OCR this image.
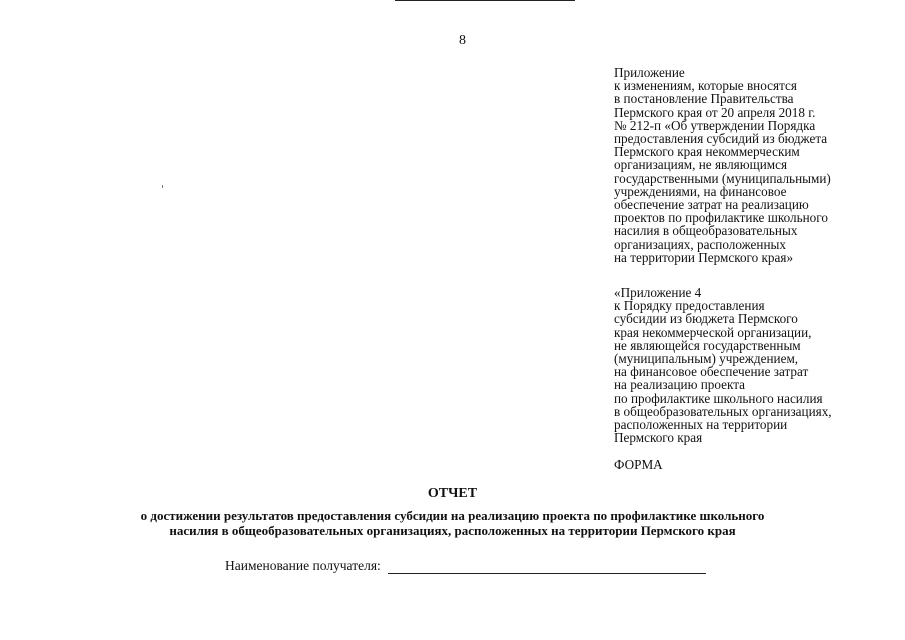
8
Приложение
к изменениям, которые вносятся
в постановление Правительства
Пермского края от 20 апреля 2018 г.
№ 212-п «Об утверждении Порядка
предоставления субсидий из бюджета
Пермского края некоммерческим
организациям, не являющимся
государственными (муниципальными)
учреждениями, на финансовое
обеспечение затрат на реализацию
проектов по профилактике школьного
насилия в общеобразовательных
организациях, расположенных
на территории Пермского края»
«Приложение 4
к Порядку предоставления
субсидии из бюджета Пермского
края некоммерческой организации,
не являющейся государственным
(муниципальным) учреждением,
на финансовое обеспечение затрат
на реализацию проекта
по профилактике школьного насилия
в общеобразовательных организациях,
расположенных на территории
Пермского края
ФОРМА
ОТЧЕТ
о достижении результатов предоставления субсидии на реализацию проекта по профилактике школьного
насилия в общеобразовательных организациях, расположенных на территории Пермского края
Наименование получателя:
